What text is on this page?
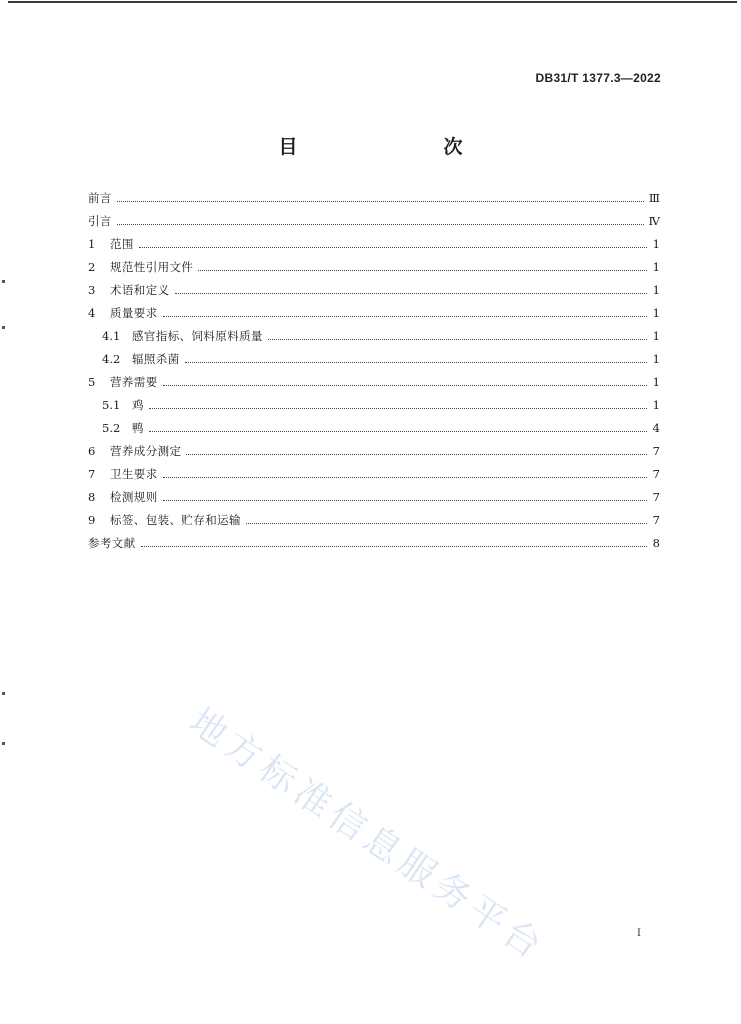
DB31/T 1377.3—2022
目　　次
前言	Ⅲ
引言	Ⅳ
1	范围	1
2	规范性引用文件	1
3	术语和定义	1
4	质量要求	1
4.1	感官指标、饲料原料质量	1
4.2	辐照杀菌	1
5	营养需要	1
5.1	鸡	1
5.2	鸭	4
6	营养成分测定	7
7	卫生要求	7
8	检测规则	7
9	标签、包装、贮存和运输	7
参考文献	8
地方标准信息服务平台	I
